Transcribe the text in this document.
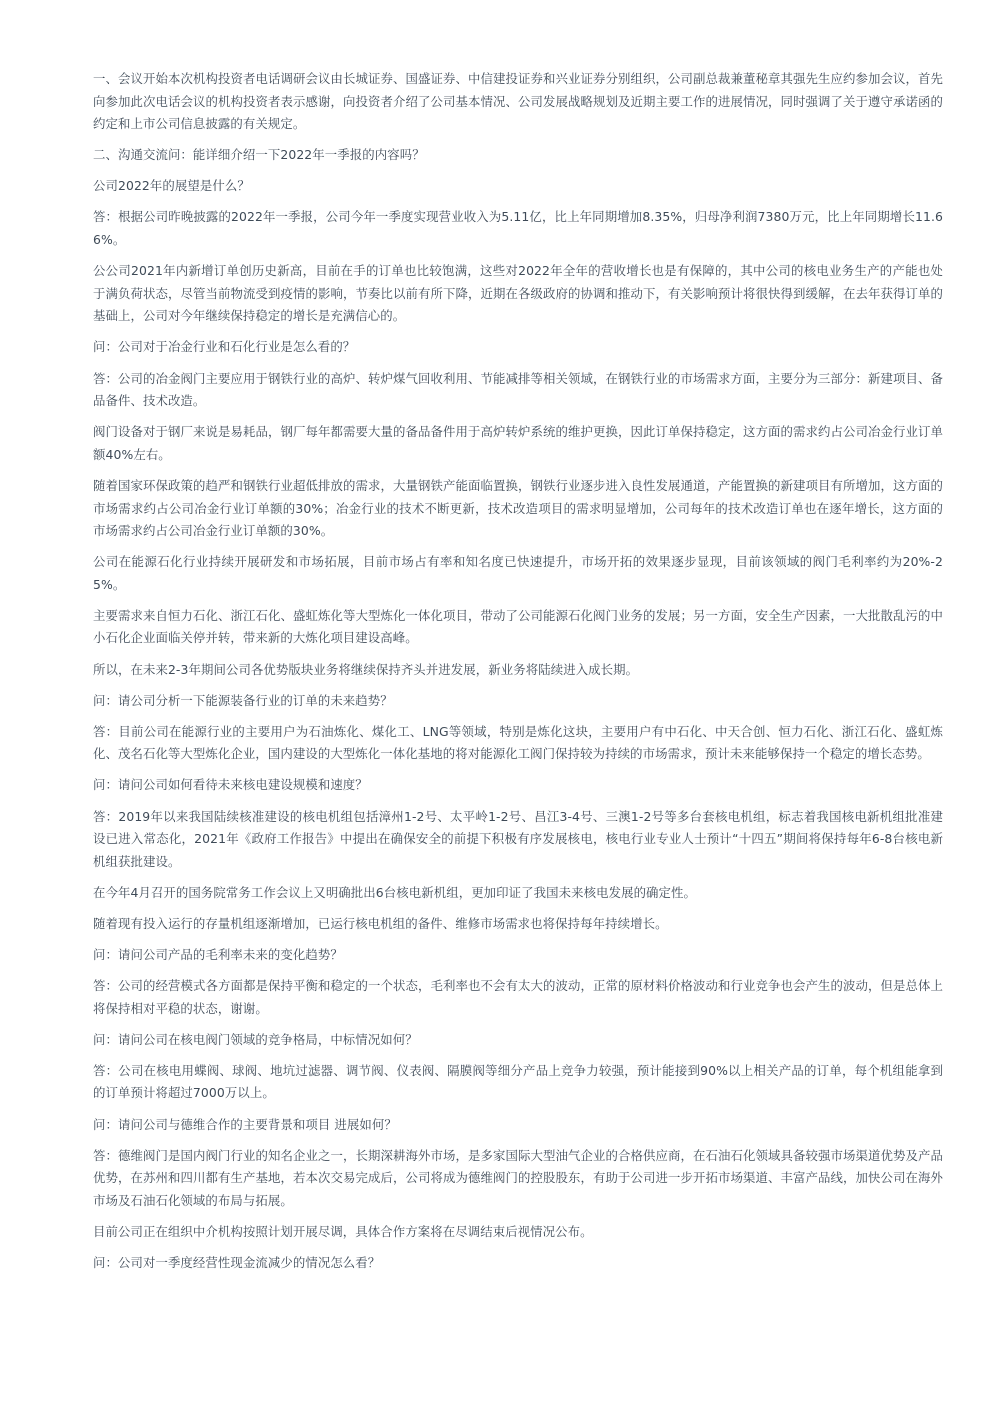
一、会议开始本次机构投资者电话调研会议由长城证券、国盛证券、中信建投证券和兴业证券分别组织，公司副总裁兼董秘章其强先生应约参加会议，首先向参加此次电话会议的机构投资者表示感谢，向投资者介绍了公司基本情况、公司发展战略规划及近期主要工作的进展情况，同时强调了关于遵守承诺函的约定和上市公司信息披露的有关规定。

二、沟通交流问：能详细介绍一下2022年一季报的内容吗？

公司2022年的展望是什么？

答：根据公司昨晚披露的2022年一季报，公司今年一季度实现营业收入为5.11亿，比上年同期增加8.35%，归母净利润7380万元，比上年同期增长11.66%。

公公司2021年内新增订单创历史新高，目前在手的订单也比较饱满，这些对2022年全年的营收增长也是有保障的，其中公司的核电业务生产的产能也处于满负荷状态，尽管当前物流受到疫情的影响，节奏比以前有所下降，近期在各级政府的协调和推动下，有关影响预计将很快得到缓解，在去年获得订单的基础上，公司对今年继续保持稳定的增长是充满信心的。

问：公司对于冶金行业和石化行业是怎么看的？

答：公司的冶金阀门主要应用于钢铁行业的高炉、转炉煤气回收利用、节能减排等相关领域，在钢铁行业的市场需求方面，主要分为三部分：新建项目、备品备件、技术改造。

阀门设备对于钢厂来说是易耗品，钢厂每年都需要大量的备品备件用于高炉转炉系统的维护更换，因此订单保持稳定，这方面的需求约占公司冶金行业订单额40%左右。

随着国家环保政策的趋严和钢铁行业超低排放的需求，大量钢铁产能面临置换，钢铁行业逐步进入良性发展通道，产能置换的新建项目有所增加，这方面的市场需求约占公司冶金行业订单额的30%；冶金行业的技术不断更新，技术改造项目的需求明显增加，公司每年的技术改造订单也在逐年增长，这方面的市场需求约占公司冶金行业订单额的30%。

公司在能源石化行业持续开展研发和市场拓展，目前市场占有率和知名度已快速提升，市场开拓的效果逐步显现，目前该领域的阀门毛利率约为20%-25%。

主要需求来自恒力石化、浙江石化、盛虹炼化等大型炼化一体化项目，带动了公司能源石化阀门业务的发展；另一方面，安全生产因素，一大批散乱污的中小石化企业面临关停并转，带来新的大炼化项目建设高峰。

所以，在未来2-3年期间公司各优势版块业务将继续保持齐头并进发展，新业务将陆续进入成长期。

问：请公司分析一下能源装备行业的订单的未来趋势？

答：目前公司在能源行业的主要用户为石油炼化、煤化工、LNG等领域，特别是炼化这块，主要用户有中石化、中天合创、恒力石化、浙江石化、盛虹炼化、茂名石化等大型炼化企业，国内建设的大型炼化一体化基地的将对能源化工阀门保持较为持续的市场需求，预计未来能够保持一个稳定的增长态势。

问：请问公司如何看待未来核电建设规模和速度？

答：2019年以来我国陆续核准建设的核电机组包括漳州1-2号、太平岭1-2号、昌江3-4号、三澳1-2号等多台套核电机组，标志着我国核电新机组批准建设已进入常态化，2021年《政府工作报告》中提出在确保安全的前提下积极有序发展核电，核电行业专业人士预计“十四五”期间将保持每年6-8台核电新机组获批建设。

在今年4月召开的国务院常务工作会议上又明确批出6台核电新机组，更加印证了我国未来核电发展的确定性。

随着现有投入运行的存量机组逐渐增加，已运行核电机组的备件、维修市场需求也将保持每年持续增长。

问：请问公司产品的毛利率未来的变化趋势？

答：公司的经营模式各方面都是保持平衡和稳定的一个状态，毛利率也不会有太大的波动，正常的原材料价格波动和行业竞争也会产生的波动，但是总体上将保持相对平稳的状态，谢谢。

问：请问公司在核电阀门领域的竞争格局，中标情况如何？

答：公司在核电用蝶阀、球阀、地坑过滤器、调节阀、仪表阀、隔膜阀等细分产品上竞争力较强，预计能接到90%以上相关产品的订单，每个机组能拿到的订单预计将超过7000万以上。

问：请问公司与德维合作的主要背景和项目 进展如何？

答：德维阀门是国内阀门行业的知名企业之一，长期深耕海外市场，是多家国际大型油气企业的合格供应商，在石油石化领域具备较强市场渠道优势及产品优势，在苏州和四川都有生产基地，若本次交易完成后，公司将成为德维阀门的控股股东，有助于公司进一步开拓市场渠道、丰富产品线，加快公司在海外市场及石油石化领域的布局与拓展。

目前公司正在组织中介机构按照计划开展尽调，具体合作方案将在尽调结束后视情况公布。

问：公司对一季度经营性现金流减少的情况怎么看？
